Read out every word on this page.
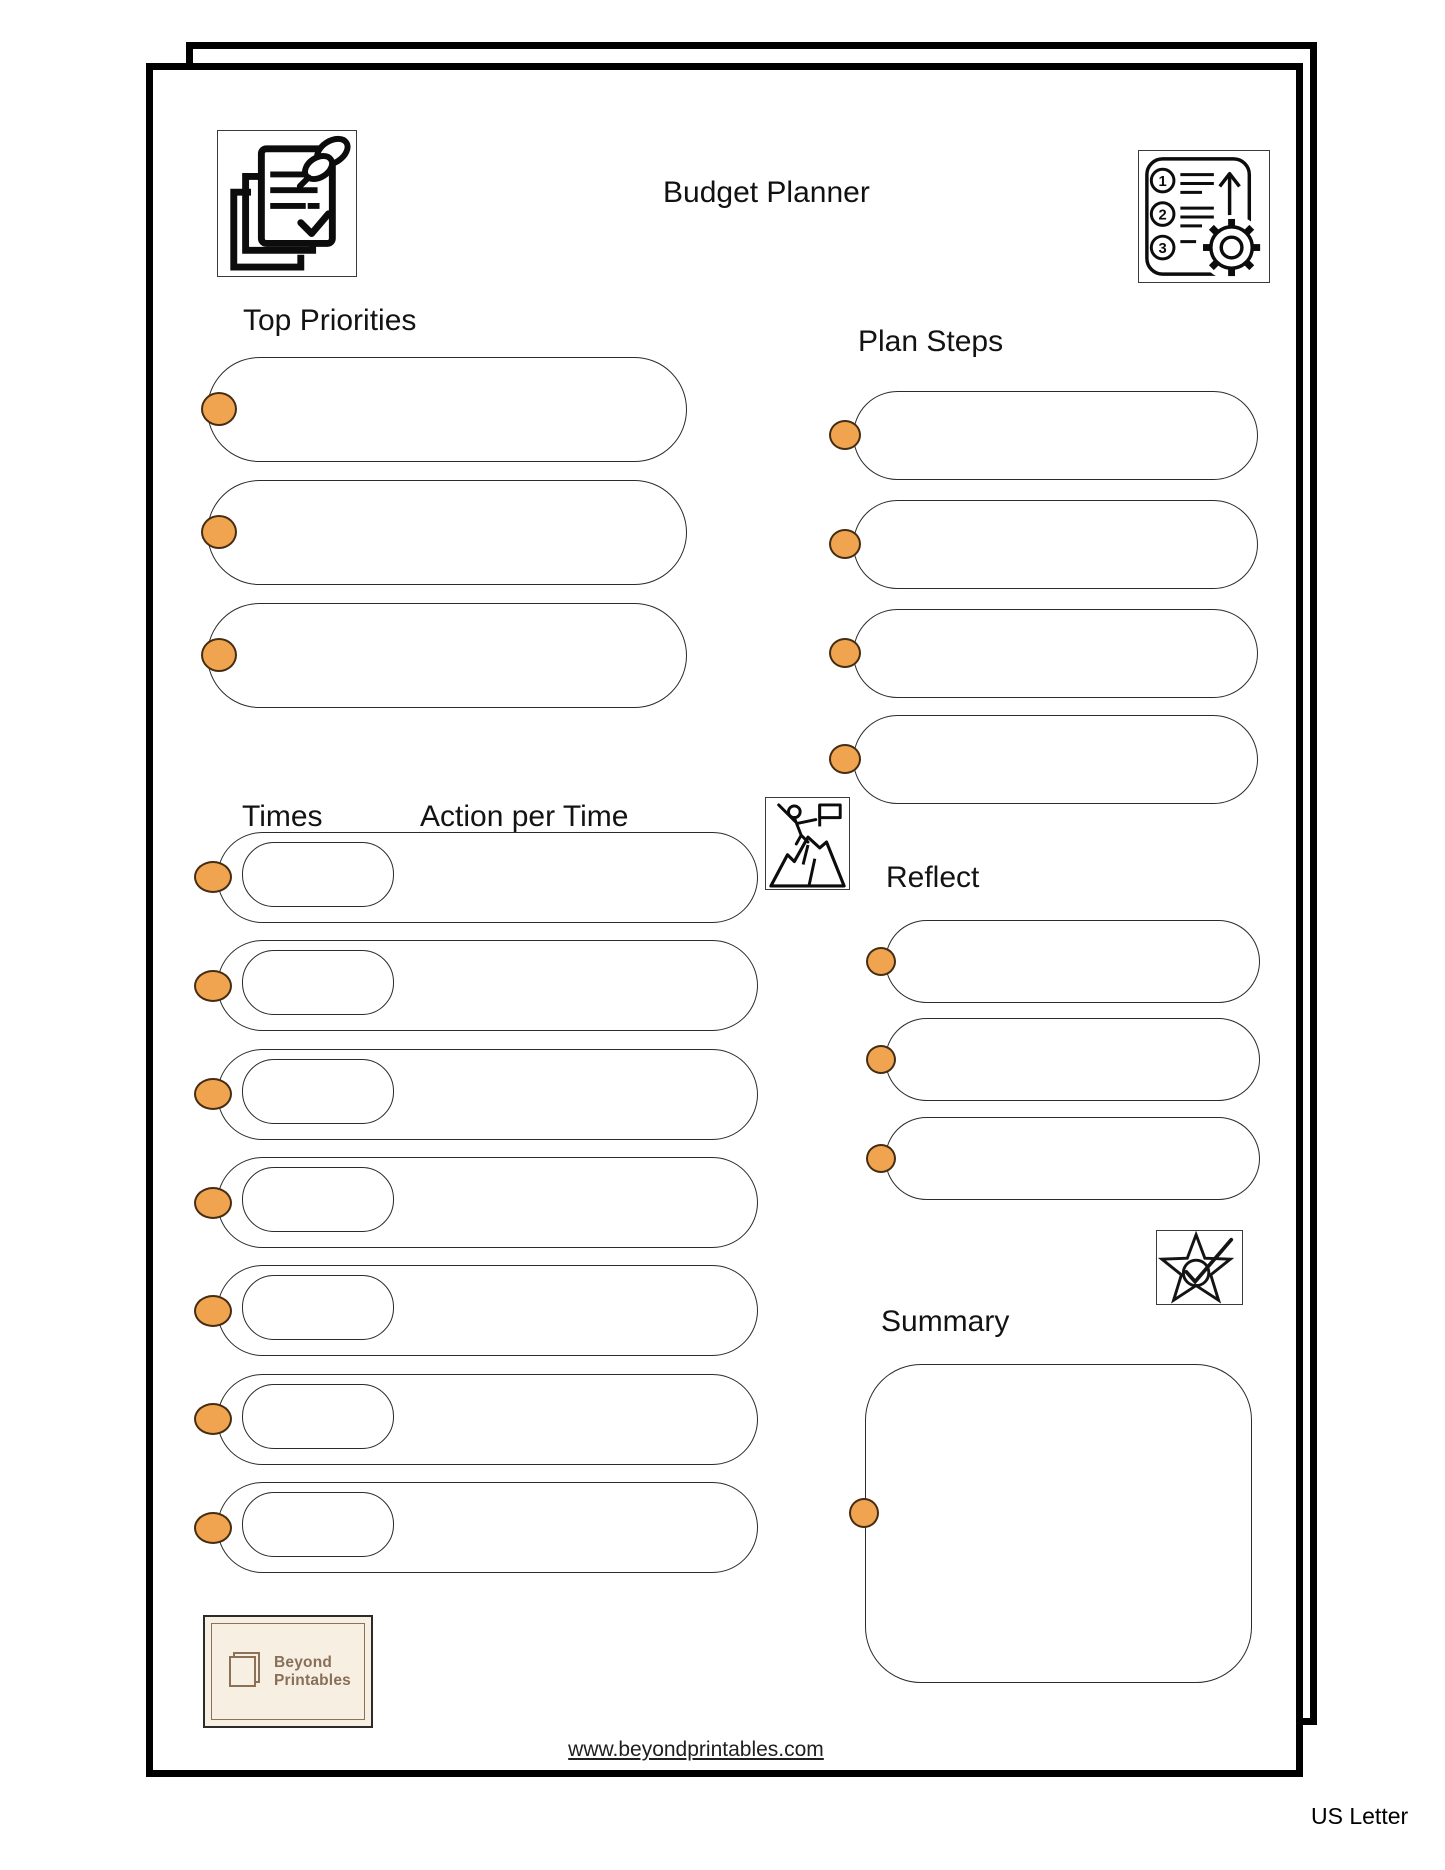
Budget Planner	1
2
3
Top Priorities
Plan Steps
Times	Action per Time
Reflect
Summary
Beyond
Printables
www.beyondprintables.com
US Letter
